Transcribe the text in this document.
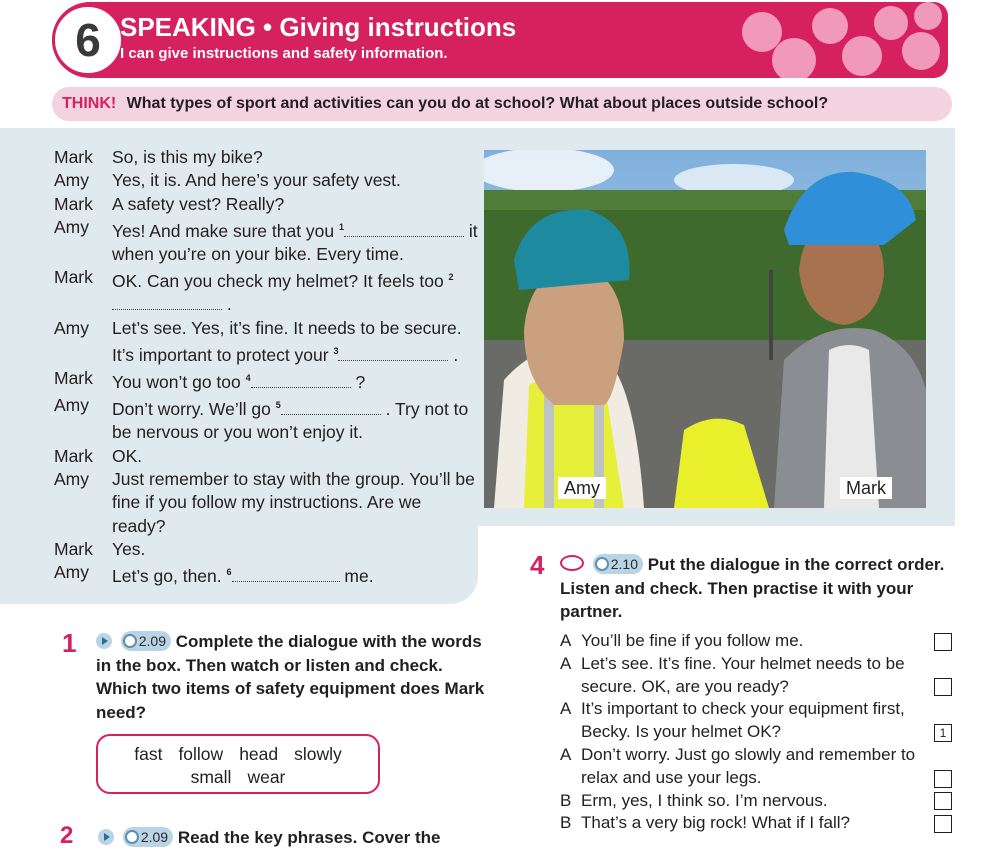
6 SPEAKING • Giving instructions
I can give instructions and safety information.
THINK! What types of sport and activities can you do at school? What about places outside school?
Mark	So, is this my bike?
Amy	Yes, it is. And here’s your safety vest.
Mark	A safety vest? Really?
Amy	Yes! And make sure that you $^1$	it when you’re on your bike. Every time.
Mark	OK. Can you check my helmet? It feels too $^2$ .
Amy	Let’s see. Yes, it’s fine. It needs to be secure. It’s important to protect your $^3$	.
Mark	You won’t go too $^4$	?
Amy	Don’t worry. We’ll go $^5$	. Try not to be nervous or you won’t enjoy it.
Mark	OK.
Amy	Just remember to stay with the group. You’ll be fine if you follow my instructions. Are we ready?
Mark	Yes.
Amy	Let’s go, then. $^6$	me.
Amy	Mark
1	2.09 Complete the dialogue with the words in the box. Then watch or listen and check. Which two items of safety equipment does Mark need?
fast follow head slowly
small wear
4	2.10 Put the dialogue in the correct order. Listen and check. Then practise it with your partner.
A You’ll be fine if you follow me.
A Let’s see. It’s fine. Your helmet needs to be secure. OK, are you ready?
A It’s important to check your equipment first, Becky. Is your helmet OK?	1
A Don’t worry. Just go slowly and remember to relax and use your legs.
B Erm, yes, I think so. I’m nervous.
B That’s a very big rock! What if I fall?
2	2.09 Read the key phrases. Cover the
